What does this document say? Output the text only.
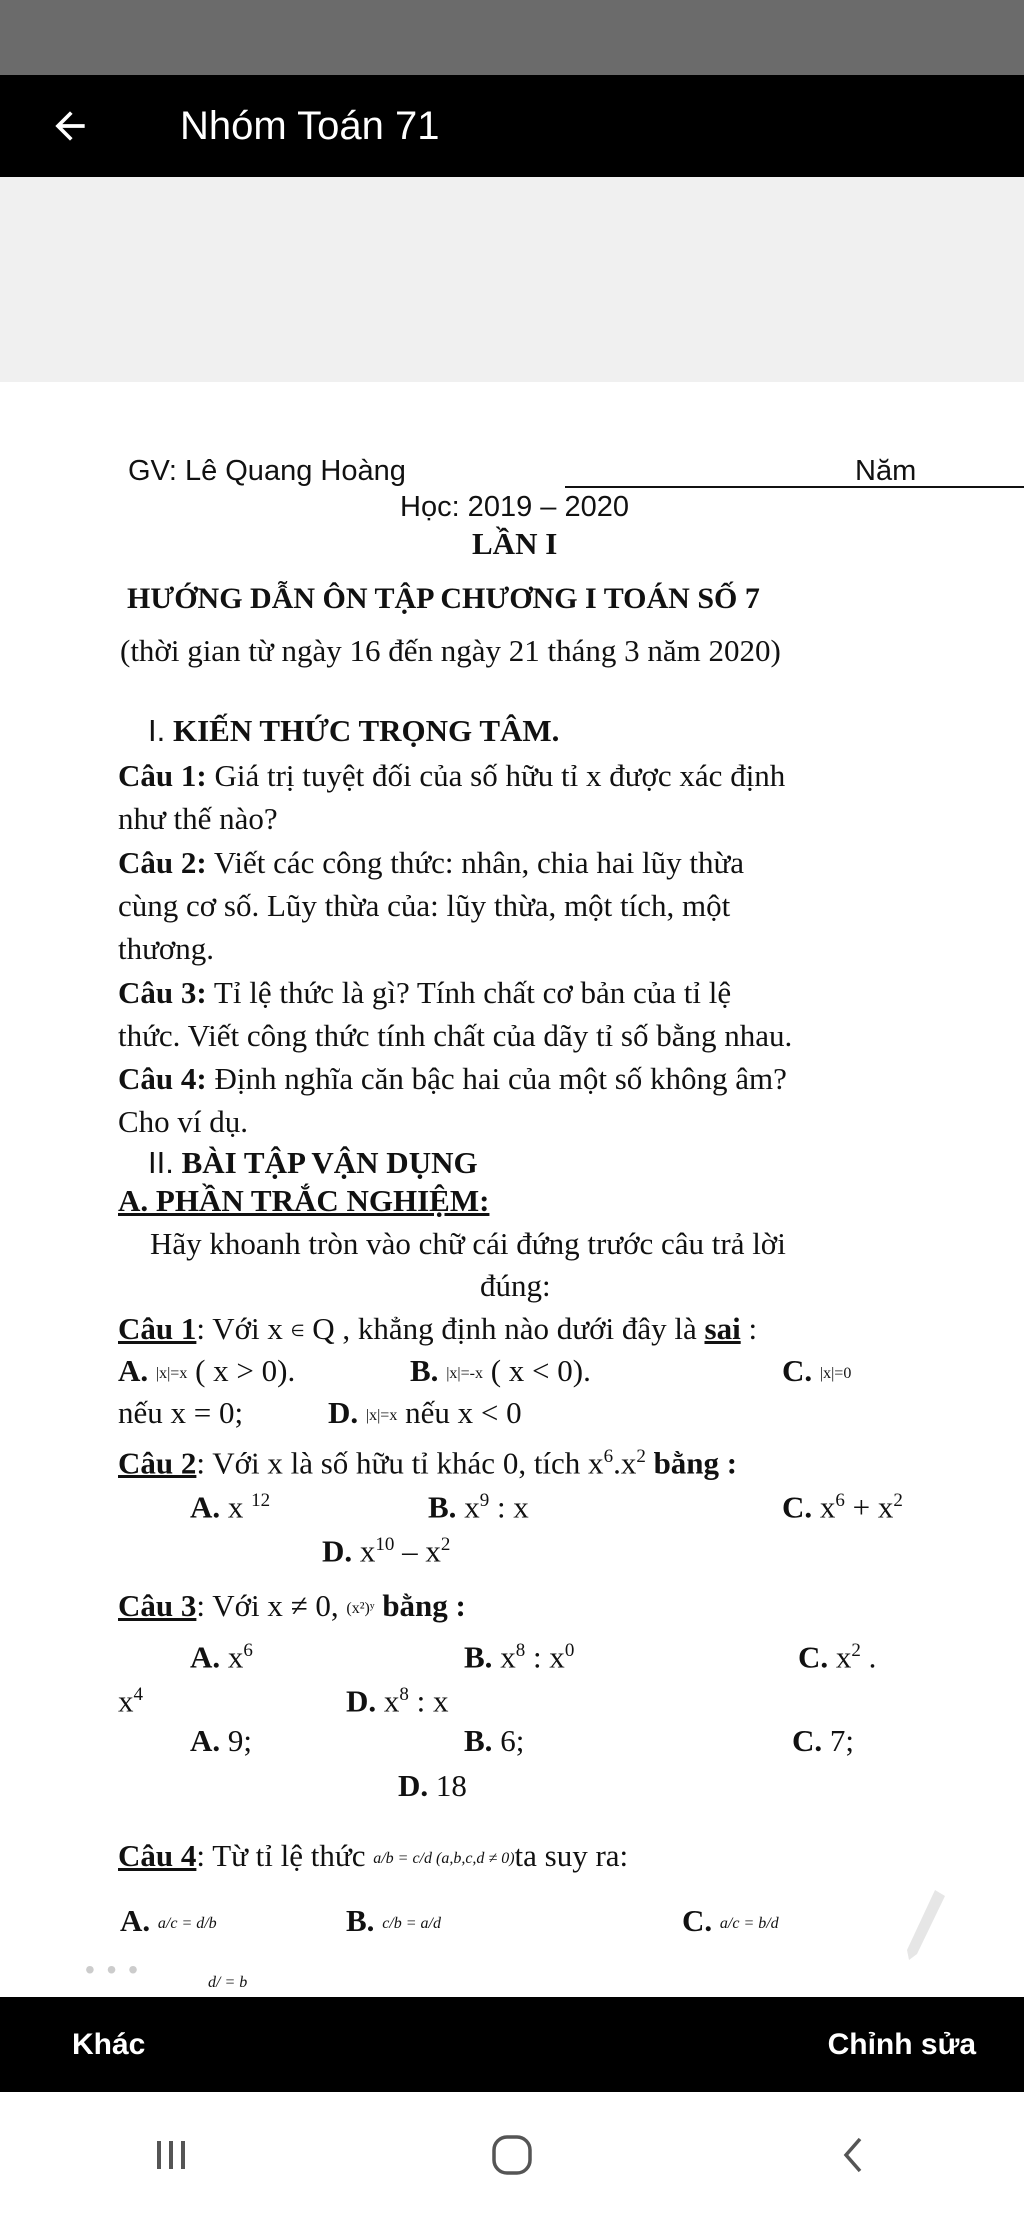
Nhóm Toán 71
GV: Lê Quang Hoàng	Năm
Học: 2019 – 2020
LẦN I
HƯỚNG DẪN ÔN TẬP CHƯƠNG I TOÁN SỐ 7
(thời gian từ ngày 16 đến ngày 21 tháng 3 năm 2020)
I. KIẾN THỨC TRỌNG TÂM.
Câu 1: Giá trị tuyệt đối của số hữu tỉ x được xác định
như thế nào?
Câu 2: Viết các công thức: nhân, chia hai lũy thừa
cùng cơ số. Lũy thừa của: lũy thừa, một tích, một
thương.
Câu 3: Tỉ lệ thức là gì? Tính chất cơ bản của tỉ lệ
thức. Viết công thức tính chất của dãy tỉ số bằng nhau.
Câu 4: Định nghĩa căn bậc hai của một số không âm?
Cho ví dụ.
II. BÀI TẬP VẬN DỤNG
A. PHẦN TRẮC NGHIỆM:
Hãy khoanh tròn vào chữ cái đứng trước câu trả lời
đúng:
Câu 1: Với x ∈ Q , khẳng định nào dưới đây là sai :
A. |x|=x ( x > 0).	B. |x|=-x ( x < 0).	C. |x|=0
nếu x = 0;	D. |x|=x nếu x < 0
Câu 2: Với x là số hữu tỉ khác 0, tích $x^6.x^2$ bằng :
A. x $^{12}$	B. $x^9$ : x	C. $x^6 + x^2$
D. $x^{10} - x^2$
Câu 3: Với x ≠ 0, (x²)ʸ bằng :
A. $x^6$	B. $x^8$ : $x^0$	C. $x^2$ .
$x^4$	D. $x^8$ : x
A. 9;	B. 6;	C. 7;
D. 18
Câu 4: Từ tỉ lệ thức a/b = c/d (a,b,c,d ≠ 0)ta suy ra:
A. a/c = d/b	B. c/b = a/d	C. a/c = b/d
d/ = b
• • •
Khác	Chỉnh sửa
